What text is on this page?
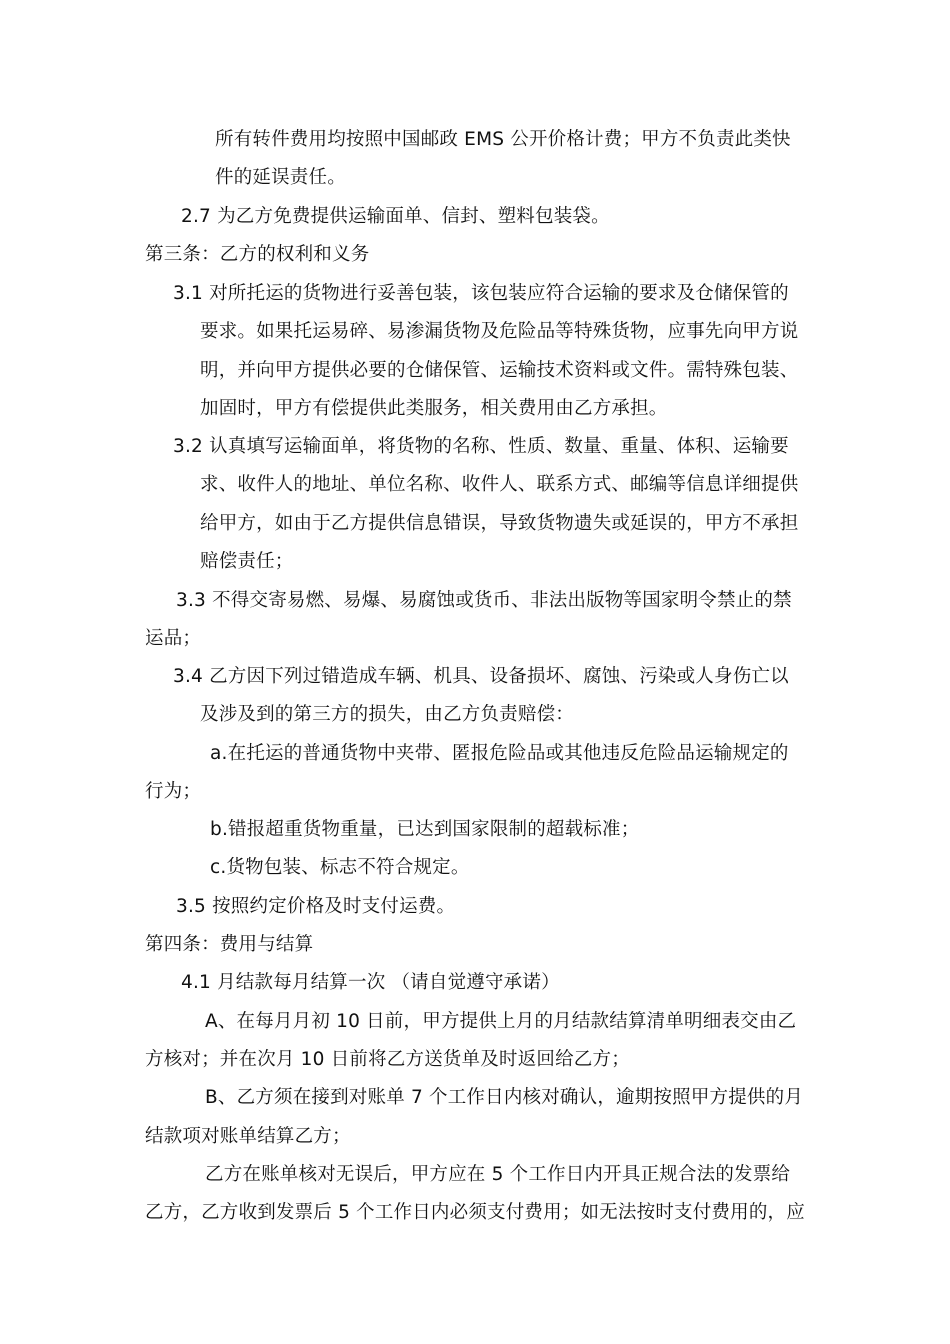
所有转件费用均按照中国邮政 EMS 公开价格计费；甲方不负责此类快
件的延误责任。
2.7 为乙方免费提供运输面单、信封、塑料包装袋。
第三条：乙方的权利和义务
3.1 对所托运的货物进行妥善包装，该包装应符合运输的要求及仓储保管的
要求。如果托运易碎、易渗漏货物及危险品等特殊货物，应事先向甲方说
明，并向甲方提供必要的仓储保管、运输技术资料或文件。需特殊包装、
加固时，甲方有偿提供此类服务，相关费用由乙方承担。
3.2 认真填写运输面单，将货物的名称、性质、数量、重量、体积、运输要
求、收件人的地址、单位名称、收件人、联系方式、邮编等信息详细提供
给甲方，如由于乙方提供信息错误，导致货物遗失或延误的，甲方不承担
赔偿责任；
3.3 不得交寄易燃、易爆、易腐蚀或货币、非法出版物等国家明令禁止的禁
运品；
3.4 乙方因下列过错造成车辆、机具、设备损坏、腐蚀、污染或人身伤亡以
及涉及到的第三方的损失，由乙方负责赔偿：
a.在托运的普通货物中夹带、匿报危险品或其他违反危险品运输规定的
行为；
b.错报超重货物重量，已达到国家限制的超载标准；
c.货物包装、标志不符合规定。
3.5 按照约定价格及时支付运费。
第四条：费用与结算
4.1 月结款每月结算一次 （请自觉遵守承诺）
A、在每月月初 10 日前，甲方提供上月的月结款结算清单明细表交由乙
方核对；并在次月 10 日前将乙方送货单及时返回给乙方；
B、乙方须在接到对账单 7 个工作日内核对确认，逾期按照甲方提供的月
结款项对账单结算乙方；
乙方在账单核对无误后，甲方应在 5 个工作日内开具正规合法的发票给
乙方，乙方收到发票后 5 个工作日内必须支付费用；如无法按时支付费用的，应
